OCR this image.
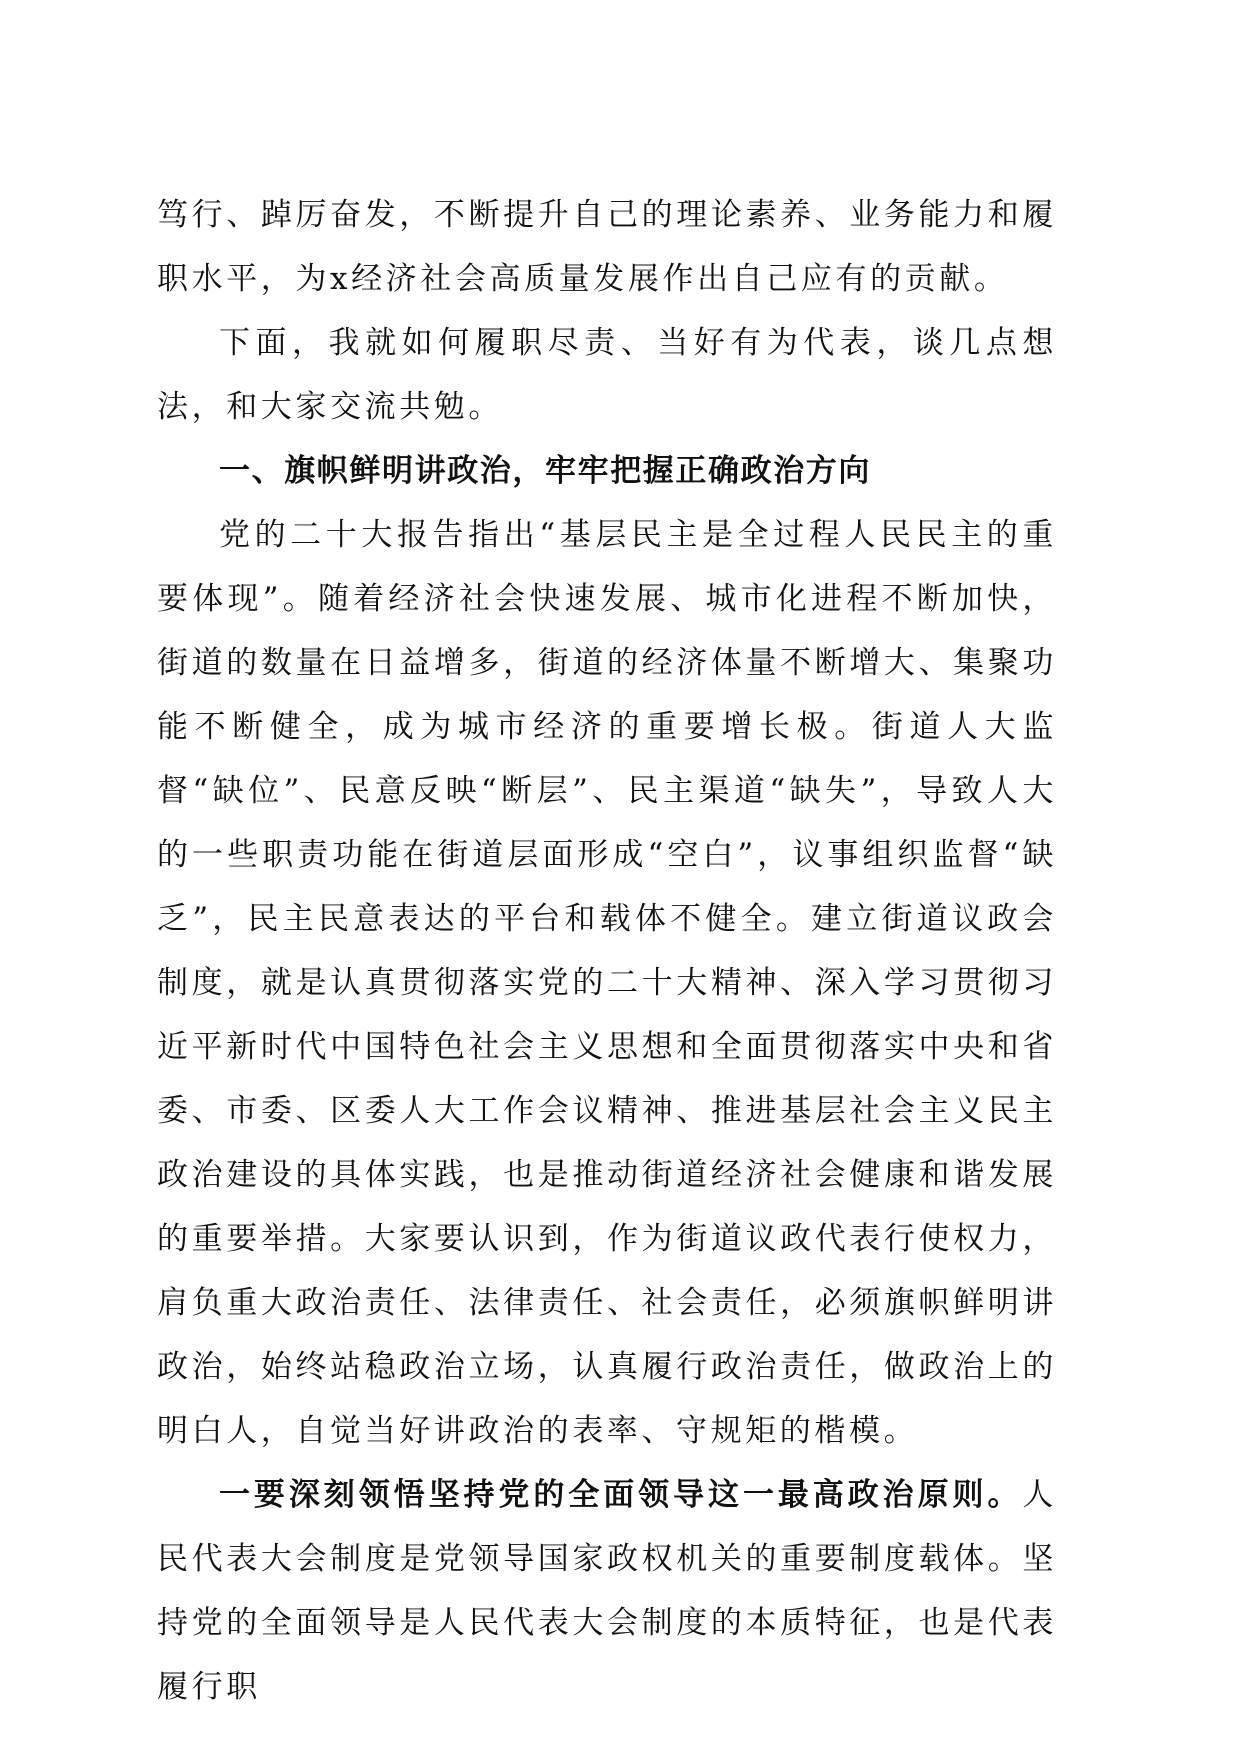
笃行、踔厉奋发，不断提升自己的理论素养、业务能力和履职水平，为x经济社会高质量发展作出自己应有的贡献。

下面，我就如何履职尽责、当好有为代表，谈几点想法，和大家交流共勉。

一、旗帜鲜明讲政治，牢牢把握正确政治方向

党的二十大报告指出“基层民主是全过程人民民主的重要体现”。随着经济社会快速发展、城市化进程不断加快，街道的数量在日益增多，街道的经济体量不断增大、集聚功能不断健全，成为城市经济的重要增长极。街道人大监督“缺位”、民意反映“断层”、民主渠道“缺失”，导致人大的一些职责功能在街道层面形成“空白”，议事组织监督“缺乏”，民主民意表达的平台和载体不健全。建立街道议政会制度，就是认真贯彻落实党的二十大精神、深入学习贯彻习近平新时代中国特色社会主义思想和全面贯彻落实中央和省委、市委、区委人大工作会议精神、推进基层社会主义民主政治建设的具体实践，也是推动街道经济社会健康和谐发展的重要举措。大家要认识到，作为街道议政代表行使权力，肩负重大政治责任、法律责任、社会责任，必须旗帜鲜明讲政治，始终站稳政治立场，认真履行政治责任，做政治上的明白人，自觉当好讲政治的表率、守规矩的楷模。

一要深刻领悟坚持党的全面领导这一最高政治原则。人民代表大会制度是党领导国家政权机关的重要制度载体。坚持党的全面领导是人民代表大会制度的本质特征，也是代表履行职
